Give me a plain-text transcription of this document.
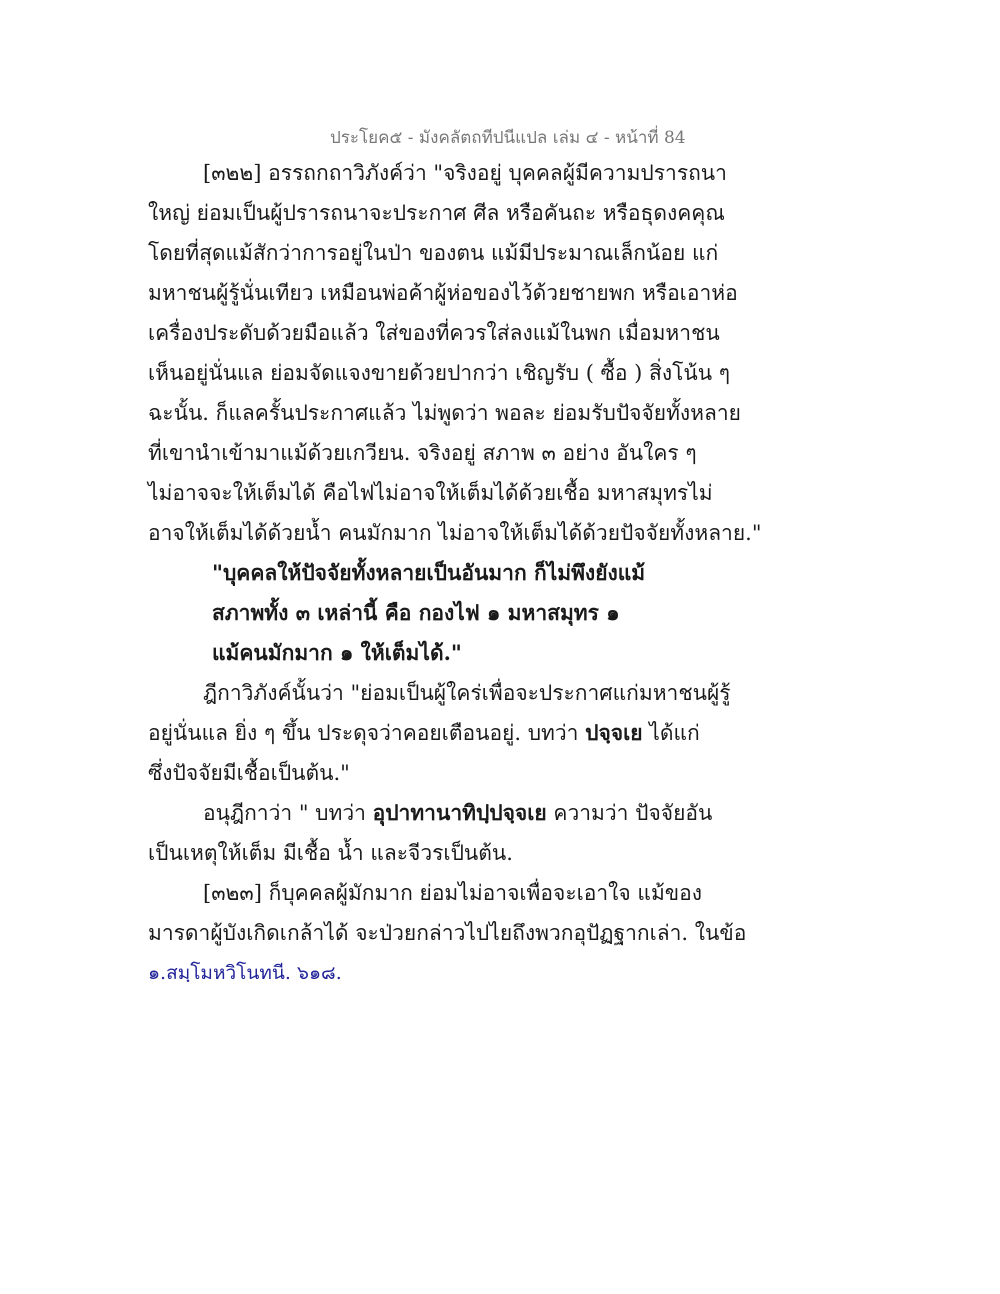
ประโยค๕ - มังคลัตถทีปนีแปล เล่ม ๔ - หน้าที่ 84
[๓๒๒] อรรถกถาวิภังค์ว่า "จริงอยู่ บุคคลผู้มีความปรารถนา
ใหญ่ ย่อมเป็นผู้ปรารถนาจะประกาศ ศีล หรือคันถะ หรือธุดงคคุณ
โดยที่สุดแม้สักว่าการอยู่ในป่า ของตน แม้มีประมาณเล็กน้อย แก่
มหาชนผู้รู้นั่นเทียว เหมือนพ่อค้าผู้ห่อของไว้ด้วยชายพก หรือเอาห่อ
เครื่องประดับด้วยมือแล้ว ใส่ของที่ควรใส่ลงแม้ในพก เมื่อมหาชน
เห็นอยู่นั่นแล ย่อมจัดแจงขายด้วยปากว่า เชิญรับ ( ซื้อ ) สิ่งโน้น ๆ
ฉะนั้น. ก็แลครั้นประกาศแล้ว ไม่พูดว่า พอละ ย่อมรับปัจจัยทั้งหลาย
ที่เขานำเข้ามาแม้ด้วยเกวียน. จริงอยู่ สภาพ ๓ อย่าง อันใคร ๆ
ไม่อาจจะให้เต็มได้ คือไฟไม่อาจให้เต็มได้ด้วยเชื้อ มหาสมุทรไม่
อาจให้เต็มได้ด้วยน้ำ คนมักมาก ไม่อาจให้เต็มได้ด้วยปัจจัยทั้งหลาย."
"บุคคลให้ปัจจัยทั้งหลายเป็นอันมาก ก็ไม่พึงยังแม้
สภาพทั้ง ๓ เหล่านี้ คือ กองไฟ ๑ มหาสมุทร ๑
แม้คนมักมาก ๑ ให้เต็มได้."
ฎีกาวิภังค์นั้นว่า "ย่อมเป็นผู้ใคร่เพื่อจะประกาศแก่มหาชนผู้รู้
อยู่นั่นแล ยิ่ง ๆ ขึ้น ประดุจว่าคอยเตือนอยู่. บทว่า ปจฺจเย ได้แก่
ซึ่งปัจจัยมีเชื้อเป็นต้น."
อนุฎีกาว่า " บทว่า อุปาทานาทิปฺปจฺจเย ความว่า ปัจจัยอัน
เป็นเหตุให้เต็ม มีเชื้อ น้ำ และจีวรเป็นต้น.
[๓๒๓] ก็บุคคลผู้มักมาก ย่อมไม่อาจเพื่อจะเอาใจ แม้ของ
มารดาผู้บังเกิดเกล้าได้ จะป่วยกล่าวไปไยถึงพวกอุปัฏฐากเล่า. ในข้อ
๑.สมฺโมหวิโนทนี. ๖๑๘.
